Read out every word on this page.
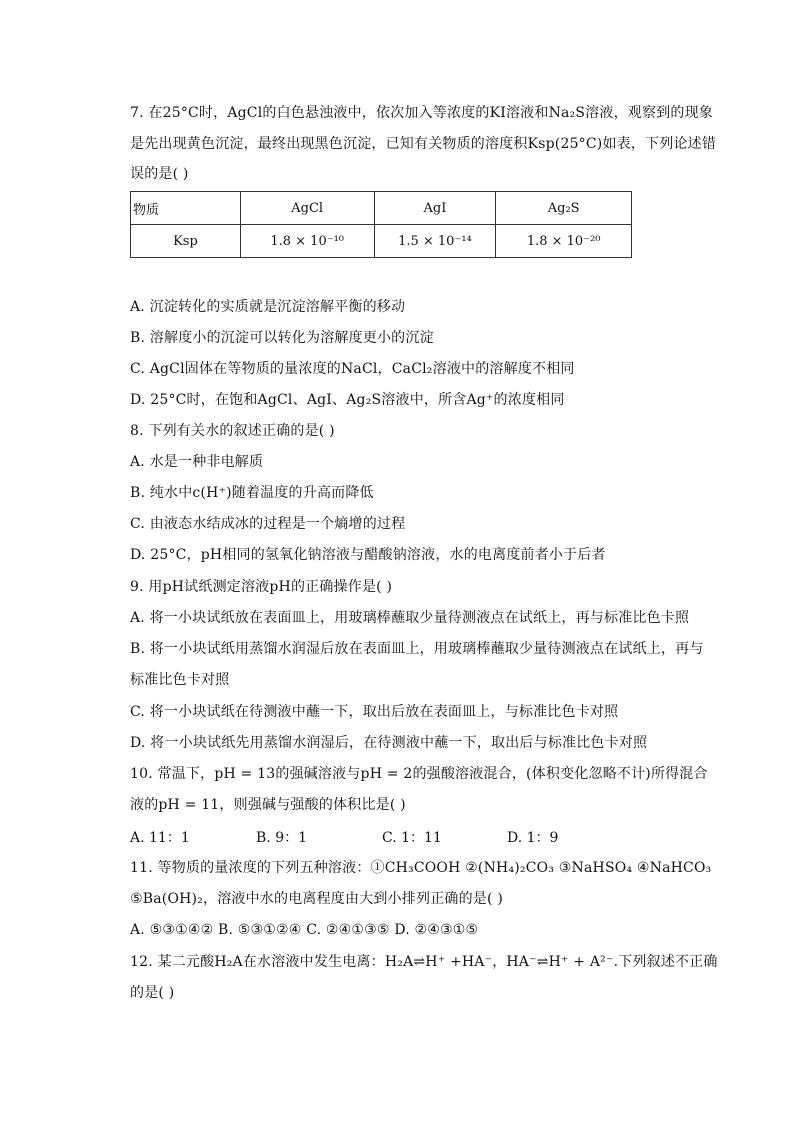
7. 在25°C时，AgCl的白色悬浊液中，依次加入等浓度的KI溶液和Na₂S溶液，观察到的现象
是先出现黄色沉淀，最终出现黑色沉淀，已知有关物质的溶度积Ksp(25°C)如表，下列论述错
误的是( )
物质	AgCl	AgI	Ag₂S
Ksp	1.8 × 10⁻¹⁰	1.5 × 10⁻¹⁴	1.8 × 10⁻²⁰
A. 沉淀转化的实质就是沉淀溶解平衡的移动
B. 溶解度小的沉淀可以转化为溶解度更小的沉淀
C. AgCl固体在等物质的量浓度的NaCl，CaCl₂溶液中的溶解度不相同
D. 25°C时，在饱和AgCl、AgI、Ag₂S溶液中，所含Ag⁺的浓度相同
8. 下列有关水的叙述正确的是( )
A. 水是一种非电解质
B. 纯水中c(H⁺)随着温度的升高而降低
C. 由液态水结成冰的过程是一个熵增的过程
D. 25°C，pH相同的氢氧化钠溶液与醋酸钠溶液，水的电离度前者小于后者
9. 用pH试纸测定溶液pH的正确操作是( )
A. 将一小块试纸放在表面皿上，用玻璃棒蘸取少量待测液点在试纸上，再与标准比色卡照
B. 将一小块试纸用蒸馏水润湿后放在表面皿上，用玻璃棒蘸取少量待测液点在试纸上，再与
标准比色卡对照
C. 将一小块试纸在待测液中蘸一下，取出后放在表面皿上，与标准比色卡对照
D. 将一小块试纸先用蒸馏水润湿后，在待测液中蘸一下，取出后与标准比色卡对照
10. 常温下，pH = 13的强碱溶液与pH = 2的强酸溶液混合，(体积变化忽略不计)所得混合
液的pH = 11，则强碱与强酸的体积比是( )
A. 11：1	B. 9：1	C. 1：11	D. 1：9
11. 等物质的量浓度的下列五种溶液：①CH₃COOH ②(NH₄)₂CO₃ ③NaHSO₄ ④NaHCO₃
⑤Ba(OH)₂，溶液中水的电离程度由大到小排列正确的是( )
A. ⑤③①④② B. ⑤③①②④ C. ②④①③⑤ D. ②④③①⑤
12. 某二元酸H₂A在水溶液中发生电离：H₂A⇌H⁺ +HA⁻，HA⁻⇌H⁺ + A²⁻.下列叙述不正确
的是( )
